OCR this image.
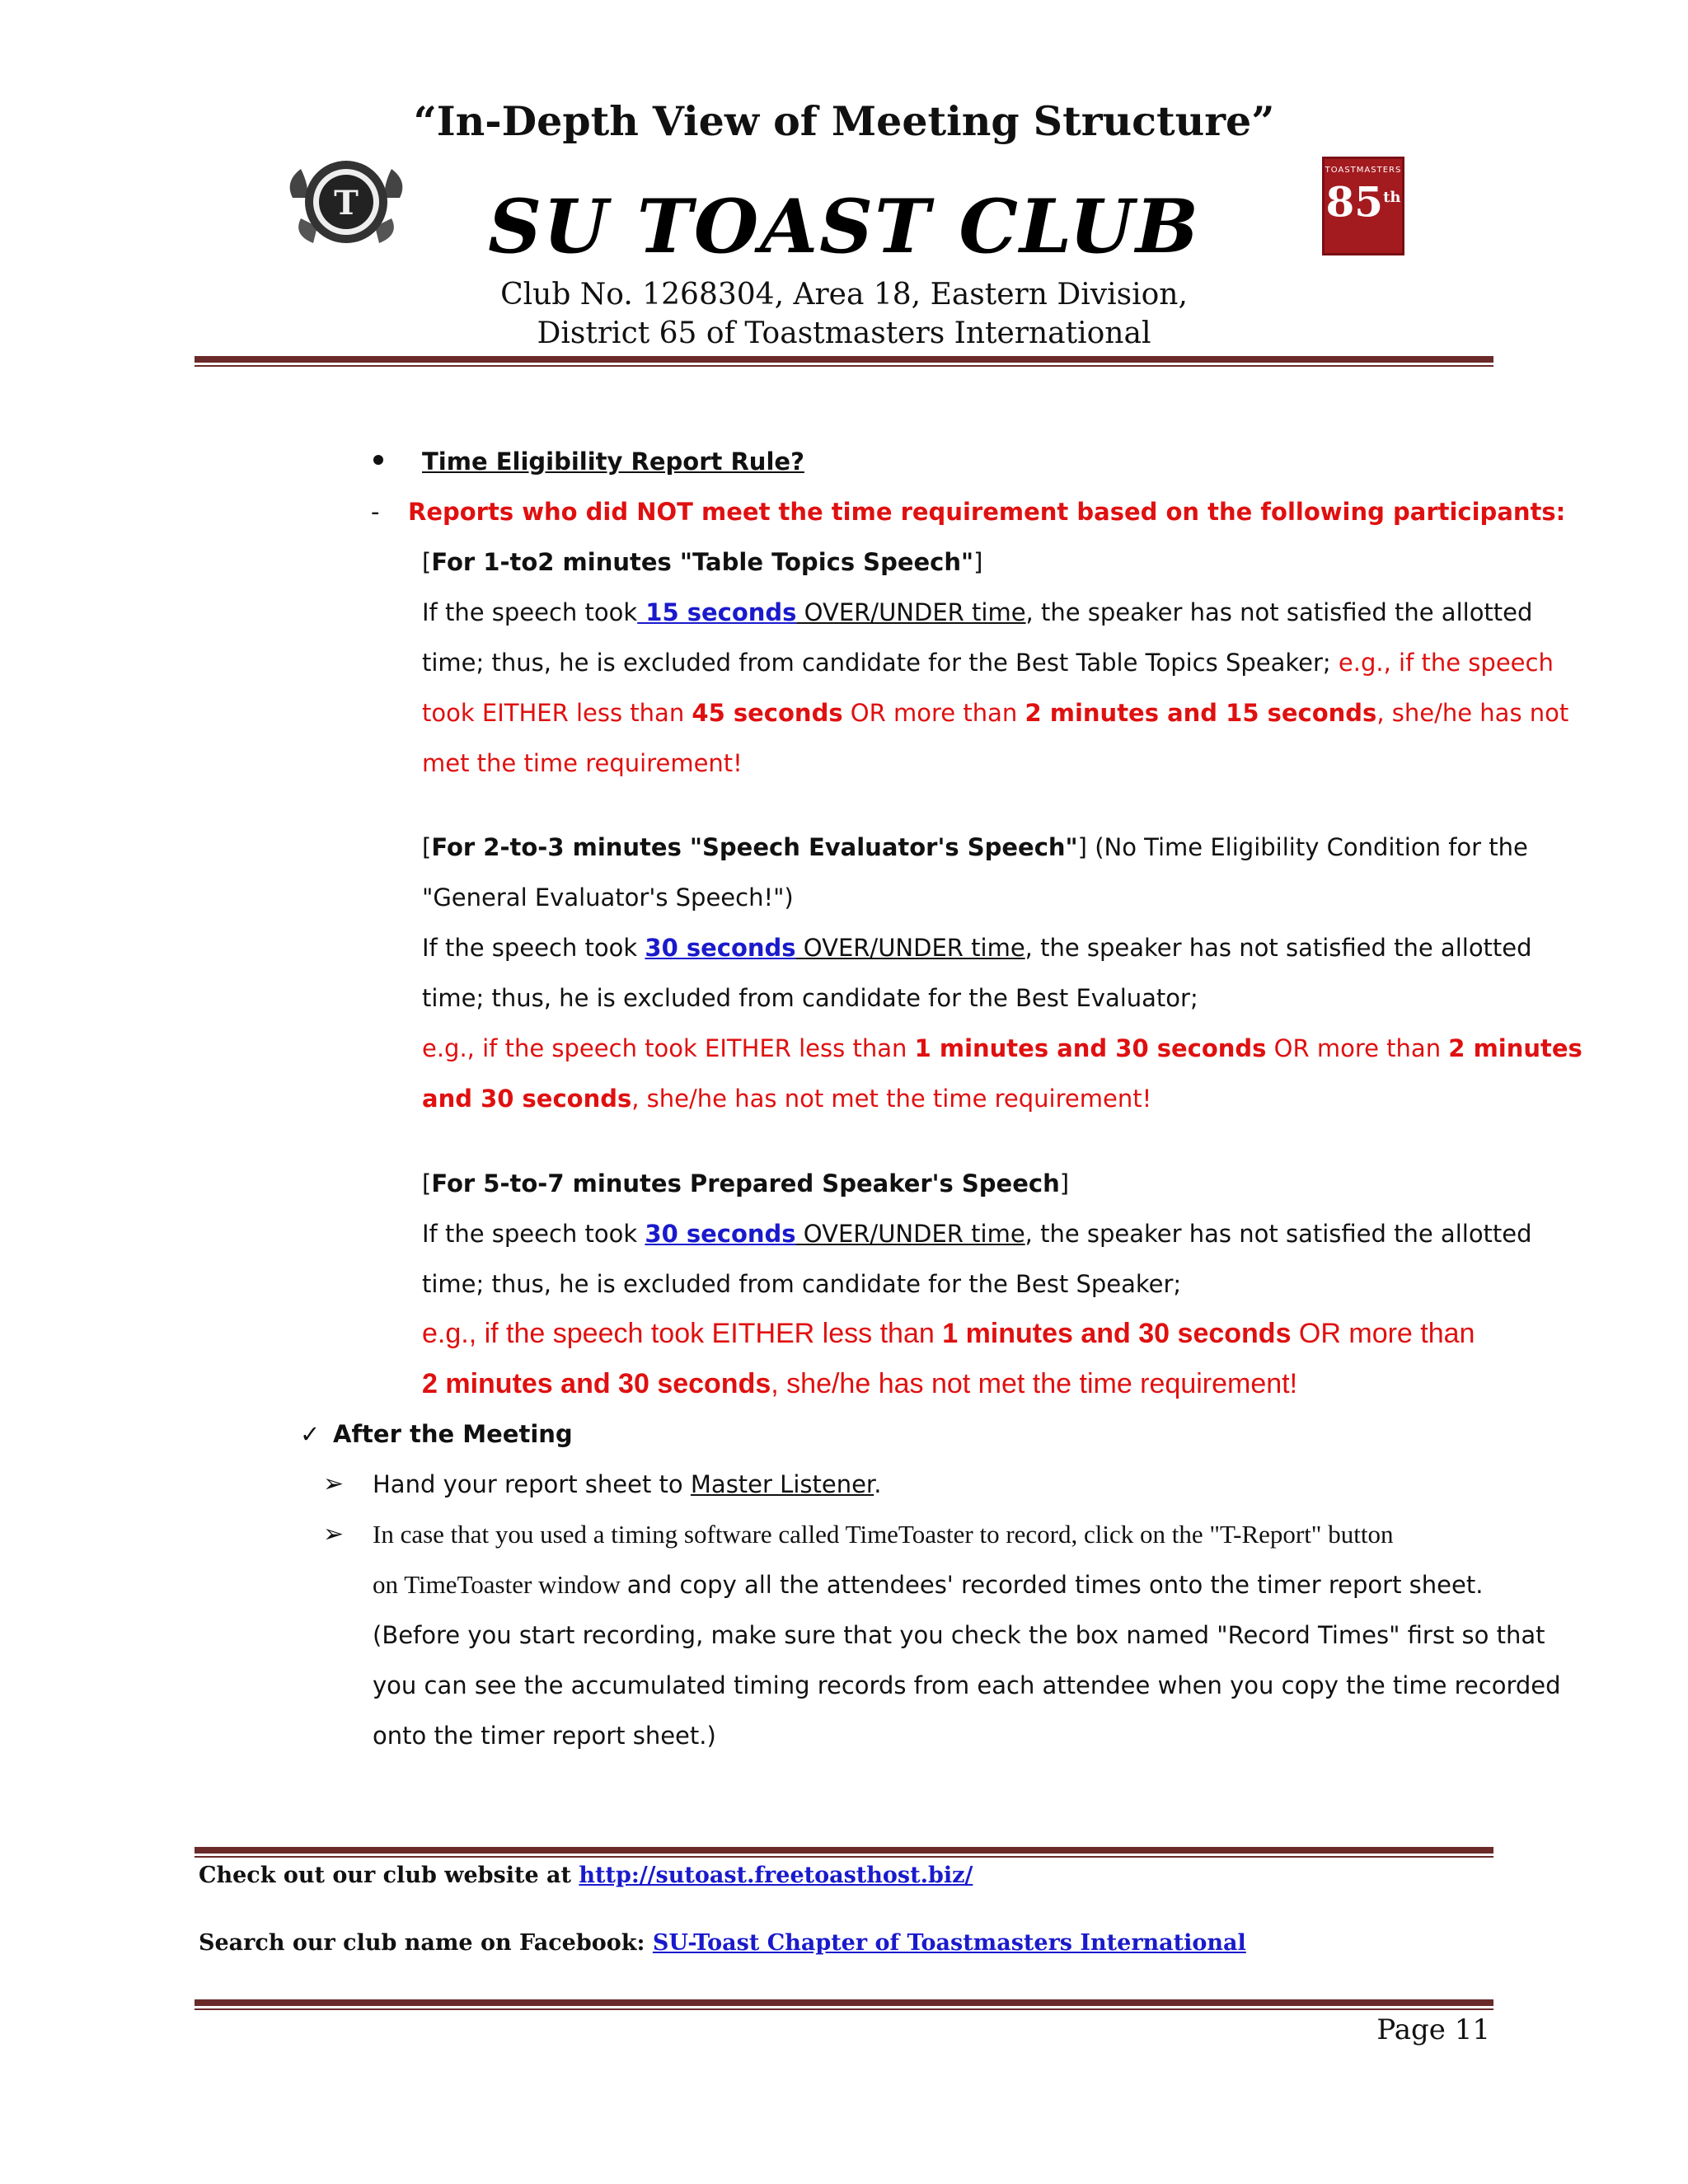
“In-Depth View of Meeting Structure”
T
TOASTMASTERS
85th
SU TOAST CLUB
Club No. 1268304, Area 18, Eastern Division,
District 65 of Toastmasters International
Time Eligibility Report Rule?
- Reports who did NOT meet the time requirement based on the following participants:
[For 1-to2 minutes "Table Topics Speech"]
If the speech took 15 seconds OVER/UNDER time, the speaker has not satisfied the allotted
time; thus, he is excluded from candidate for the Best Table Topics Speaker; e.g., if the speech
took EITHER less than 45 seconds OR more than 2 minutes and 15 seconds, she/he has not
met the time requirement!
[For 2-to-3 minutes "Speech Evaluator's Speech"] (No Time Eligibility Condition for the
"General Evaluator's Speech!")
If the speech took 30 seconds OVER/UNDER time, the speaker has not satisfied the allotted
time; thus, he is excluded from candidate for the Best Evaluator;
e.g., if the speech took EITHER less than 1 minutes and 30 seconds OR more than 2 minutes
and 30 seconds, she/he has not met the time requirement!
[For 5-to-7 minutes Prepared Speaker's Speech]
If the speech took 30 seconds OVER/UNDER time, the speaker has not satisfied the allotted
time; thus, he is excluded from candidate for the Best Speaker;
e.g., if the speech took EITHER less than 1 minutes and 30 seconds OR more than
2 minutes and 30 seconds, she/he has not met the time requirement!
✓ After the Meeting
➢ Hand your report sheet to Master Listener.
➢ In case that you used a timing software called TimeToaster to record, click on the "T-Report" button
on TimeToaster window and copy all the attendees' recorded times onto the timer report sheet.
(Before you start recording, make sure that you check the box named "Record Times" first so that
you can see the accumulated timing records from each attendee when you copy the time recorded
onto the timer report sheet.)
Check out our club website at http://sutoast.freetoasthost.biz/
Search our club name on Facebook: SU-Toast Chapter of Toastmasters International
Page 11
